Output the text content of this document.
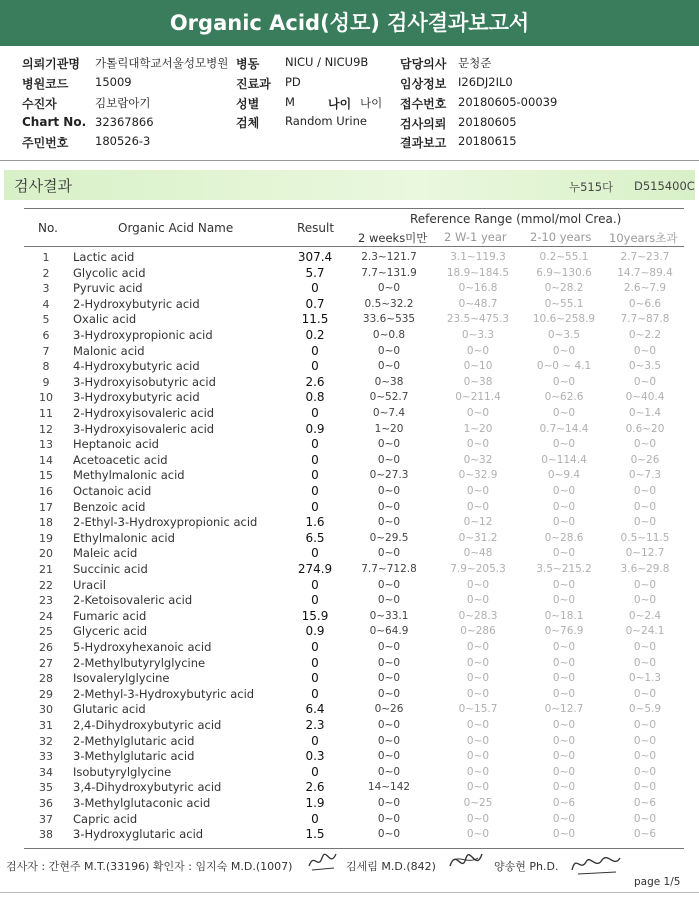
Organic Acid(성모) 검사결과보고서
의뢰기관명 가톨릭대학교서울성모병원 병동 NICU / NICU9B	담당의사 문청준
병원코드 15009	진료과 PD	임상정보 I26DJ2IL0
수진자	김보람아기	성별 M	나이 나이 접수번호 20180605-00039
Chart No. 32367866	검체 Random Urine	검사의뢰 20180605
주민번호 180526-3	결과보고 20180615
검사결과	누515다 D515400C
No.	Organic Acid Name	Result
Reference Range (mmol/mol Crea.)
2 weeks미만 2 W-1 year 2-10 years 10years초과
1	Lactic acid	307.4	2.3~121.7	3.1~119.3	0.2~55.1	2.7~23.7
2	Glycolic acid	5.7	7.7~131.9	18.9~184.5	6.9~130.6	14.7~89.4
3	Pyruvic acid	0	0~0	0~16.8	0~28.2	2.6~7.9
4	2-Hydroxybutyric acid	0.7	0.5~32.2	0~48.7	0~55.1	0~6.6
5	Oxalic acid	11.5	33.6~535	23.5~475.3	10.6~258.9	7.7~87.8
6	3-Hydroxypropionic acid	0.2	0~0.8	0~3.3	0~3.5	0~2.2
7	Malonic acid	0	0~0	0~0	0~0	0~0
8	4-Hydroxybutyric acid	0	0~0	0~10	0~0 ~ 4.1	0~3.5
9	3-Hydroxyisobutyric acid	2.6	0~38	0~38	0~0	0~0
10	3-Hydroxybutyric acid	0.8	0~52.7	0~211.4	0~62.6	0~40.4
11	2-Hydroxyisovaleric acid	0	0~7.4	0~0	0~0	0~1.4
12	3-Hydroxyisovaleric acid	0.9	1~20	1~20	0.7~14.4	0.6~20
13	Heptanoic acid	0	0~0	0~0	0~0	0~0
14	Acetoacetic acid	0	0~0	0~32	0~114.4	0~26
15	Methylmalonic acid	0	0~27.3	0~32.9	0~9.4	0~7.3
16	Octanoic acid	0	0~0	0~0	0~0	0~0
17	Benzoic acid	0	0~0	0~0	0~0	0~0
18	2-Ethyl-3-Hydroxypropionic acid	1.6	0~0	0~12	0~0	0~0
19	Ethylmalonic acid	6.5	0~29.5	0~31.2	0~28.6	0.5~11.5
20	Maleic acid	0	0~0	0~48	0~0	0~12.7
21	Succinic acid	274.9	7.7~712.8	7.9~205.3	3.5~215.2	3.6~29.8
22	Uracil	0	0~0	0~0	0~0	0~0
23	2-Ketoisovaleric acid	0	0~0	0~0	0~0	0~0
24	Fumaric acid	15.9	0~33.1	0~28.3	0~18.1	0~2.4
25	Glyceric acid	0.9	0~64.9	0~286	0~76.9	0~24.1
26	5-Hydroxyhexanoic acid	0	0~0	0~0	0~0	0~0
27	2-Methylbutyrylglycine	0	0~0	0~0	0~0	0~0
28	Isovalerylglycine	0	0~0	0~0	0~0	0~1.3
29	2-Methyl-3-Hydroxybutyric acid	0	0~0	0~0	0~0	0~0
30	Glutaric acid	6.4	0~26	0~15.7	0~12.7	0~5.9
31	2,4-Dihydroxybutyric acid	2.3	0~0	0~0	0~0	0~0
32	2-Methylglutaric acid	0	0~0	0~0	0~0	0~0
33	3-Methylglutaric acid	0.3	0~0	0~0	0~0	0~0
34	Isobutyrylglycine	0	0~0	0~0	0~0	0~0
35	3,4-Dihydroxybutyric acid	2.6	14~142	0~0	0~0	0~0
36	3-Methylglutaconic acid	1.9	0~0	0~25	0~6	0~6
37	Capric acid	0	0~0	0~0	0~0	0~0
38	3-Hydroxyglutaric acid	1.5	0~0	0~0	0~0	0~6
검사자 : 간현주 M.T.(33196) 확인자 : 임지숙 M.D.(1007)	김세림 M.D.(842)	양송현 Ph.D.
page 1/5
